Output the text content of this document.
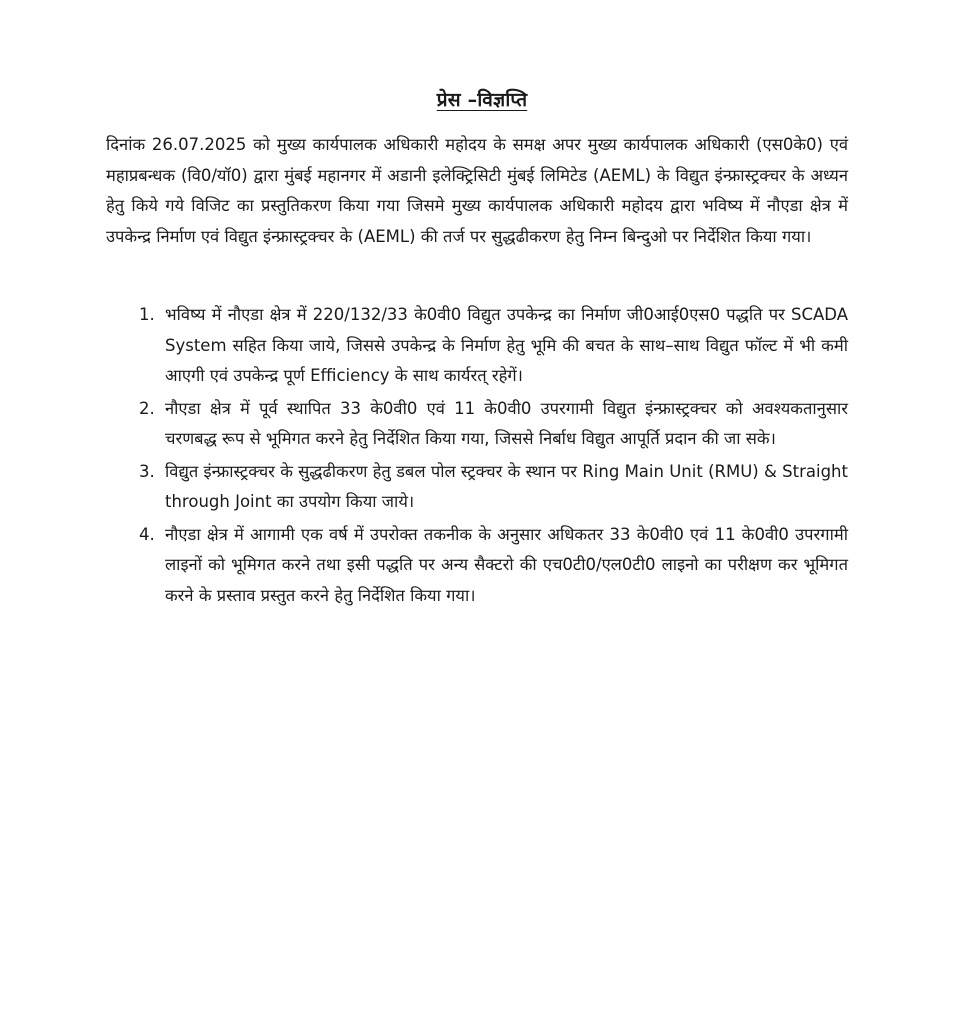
प्रेस –विज्ञप्ति

दिनांक 26.07.2025 को मुख्य कार्यपालक अधिकारी महोदय के समक्ष अपर मुख्य कार्यपालक अधिकारी (एस0के0) एवं महाप्रबन्धक (वि0/यॉ0) द्वारा मुंबई महानगर में अडानी इलेक्ट्रिसिटी मुंबई लिमिटेड (AEML) के विद्युत इंन्फ्रास्ट्रक्चर के अध्यन हेतु किये गये विजिट का प्रस्तुतिकरण किया गया जिसमे मुख्य कार्यपालक अधिकारी महोदय द्वारा भविष्य में नौएडा क्षेत्र में उपकेन्द्र निर्माण एवं विद्युत इंन्फ्रास्ट्रक्चर के (AEML) की तर्ज पर सुद्धढीकरण हेतु निम्न बिन्दुओ पर निर्देशित किया गया।

1. भविष्य में नौएडा क्षेत्र में 220/132/33 के0वी0 विद्युत उपकेन्द्र का निर्माण जी0आई0एस0 पद्धति पर SCADA System सहित किया जाये, जिससे उपकेन्द्र के निर्माण हेतु भूमि की बचत के साथ–साथ विद्युत फॉल्ट में भी कमी आएगी एवं उपकेन्द्र पूर्ण Efficiency के साथ कार्यरत् रहेगें।
2. नौएडा क्षेत्र में पूर्व स्थापित 33 के0वी0 एवं 11 के0वी0 उपरगामी विद्युत इंन्फ्रास्ट्रक्चर को अवश्यकतानुसार चरणबद्ध रूप से भूमिगत करने हेतु निर्देशित किया गया, जिससे निर्बाध विद्युत आपूर्ति प्रदान की जा सके।
3. विद्युत इंन्फ्रास्ट्रक्चर के सुद्धढीकरण हेतु डबल पोल स्ट्रक्चर के स्थान पर Ring Main Unit (RMU) & Straight through Joint का उपयोग किया जाये।
4. नौएडा क्षेत्र में आगामी एक वर्ष में उपरोक्त तकनीक के अनुसार अधिकतर 33 के0वी0 एवं 11 के0वी0 उपरगामी लाइनों को भूमिगत करने तथा इसी पद्धति पर अन्य सैक्टरो की एच0टी0/एल0टी0 लाइनो का परीक्षण कर भूमिगत करने के प्रस्ताव प्रस्तुत करने हेतु निर्देशित किया गया।
